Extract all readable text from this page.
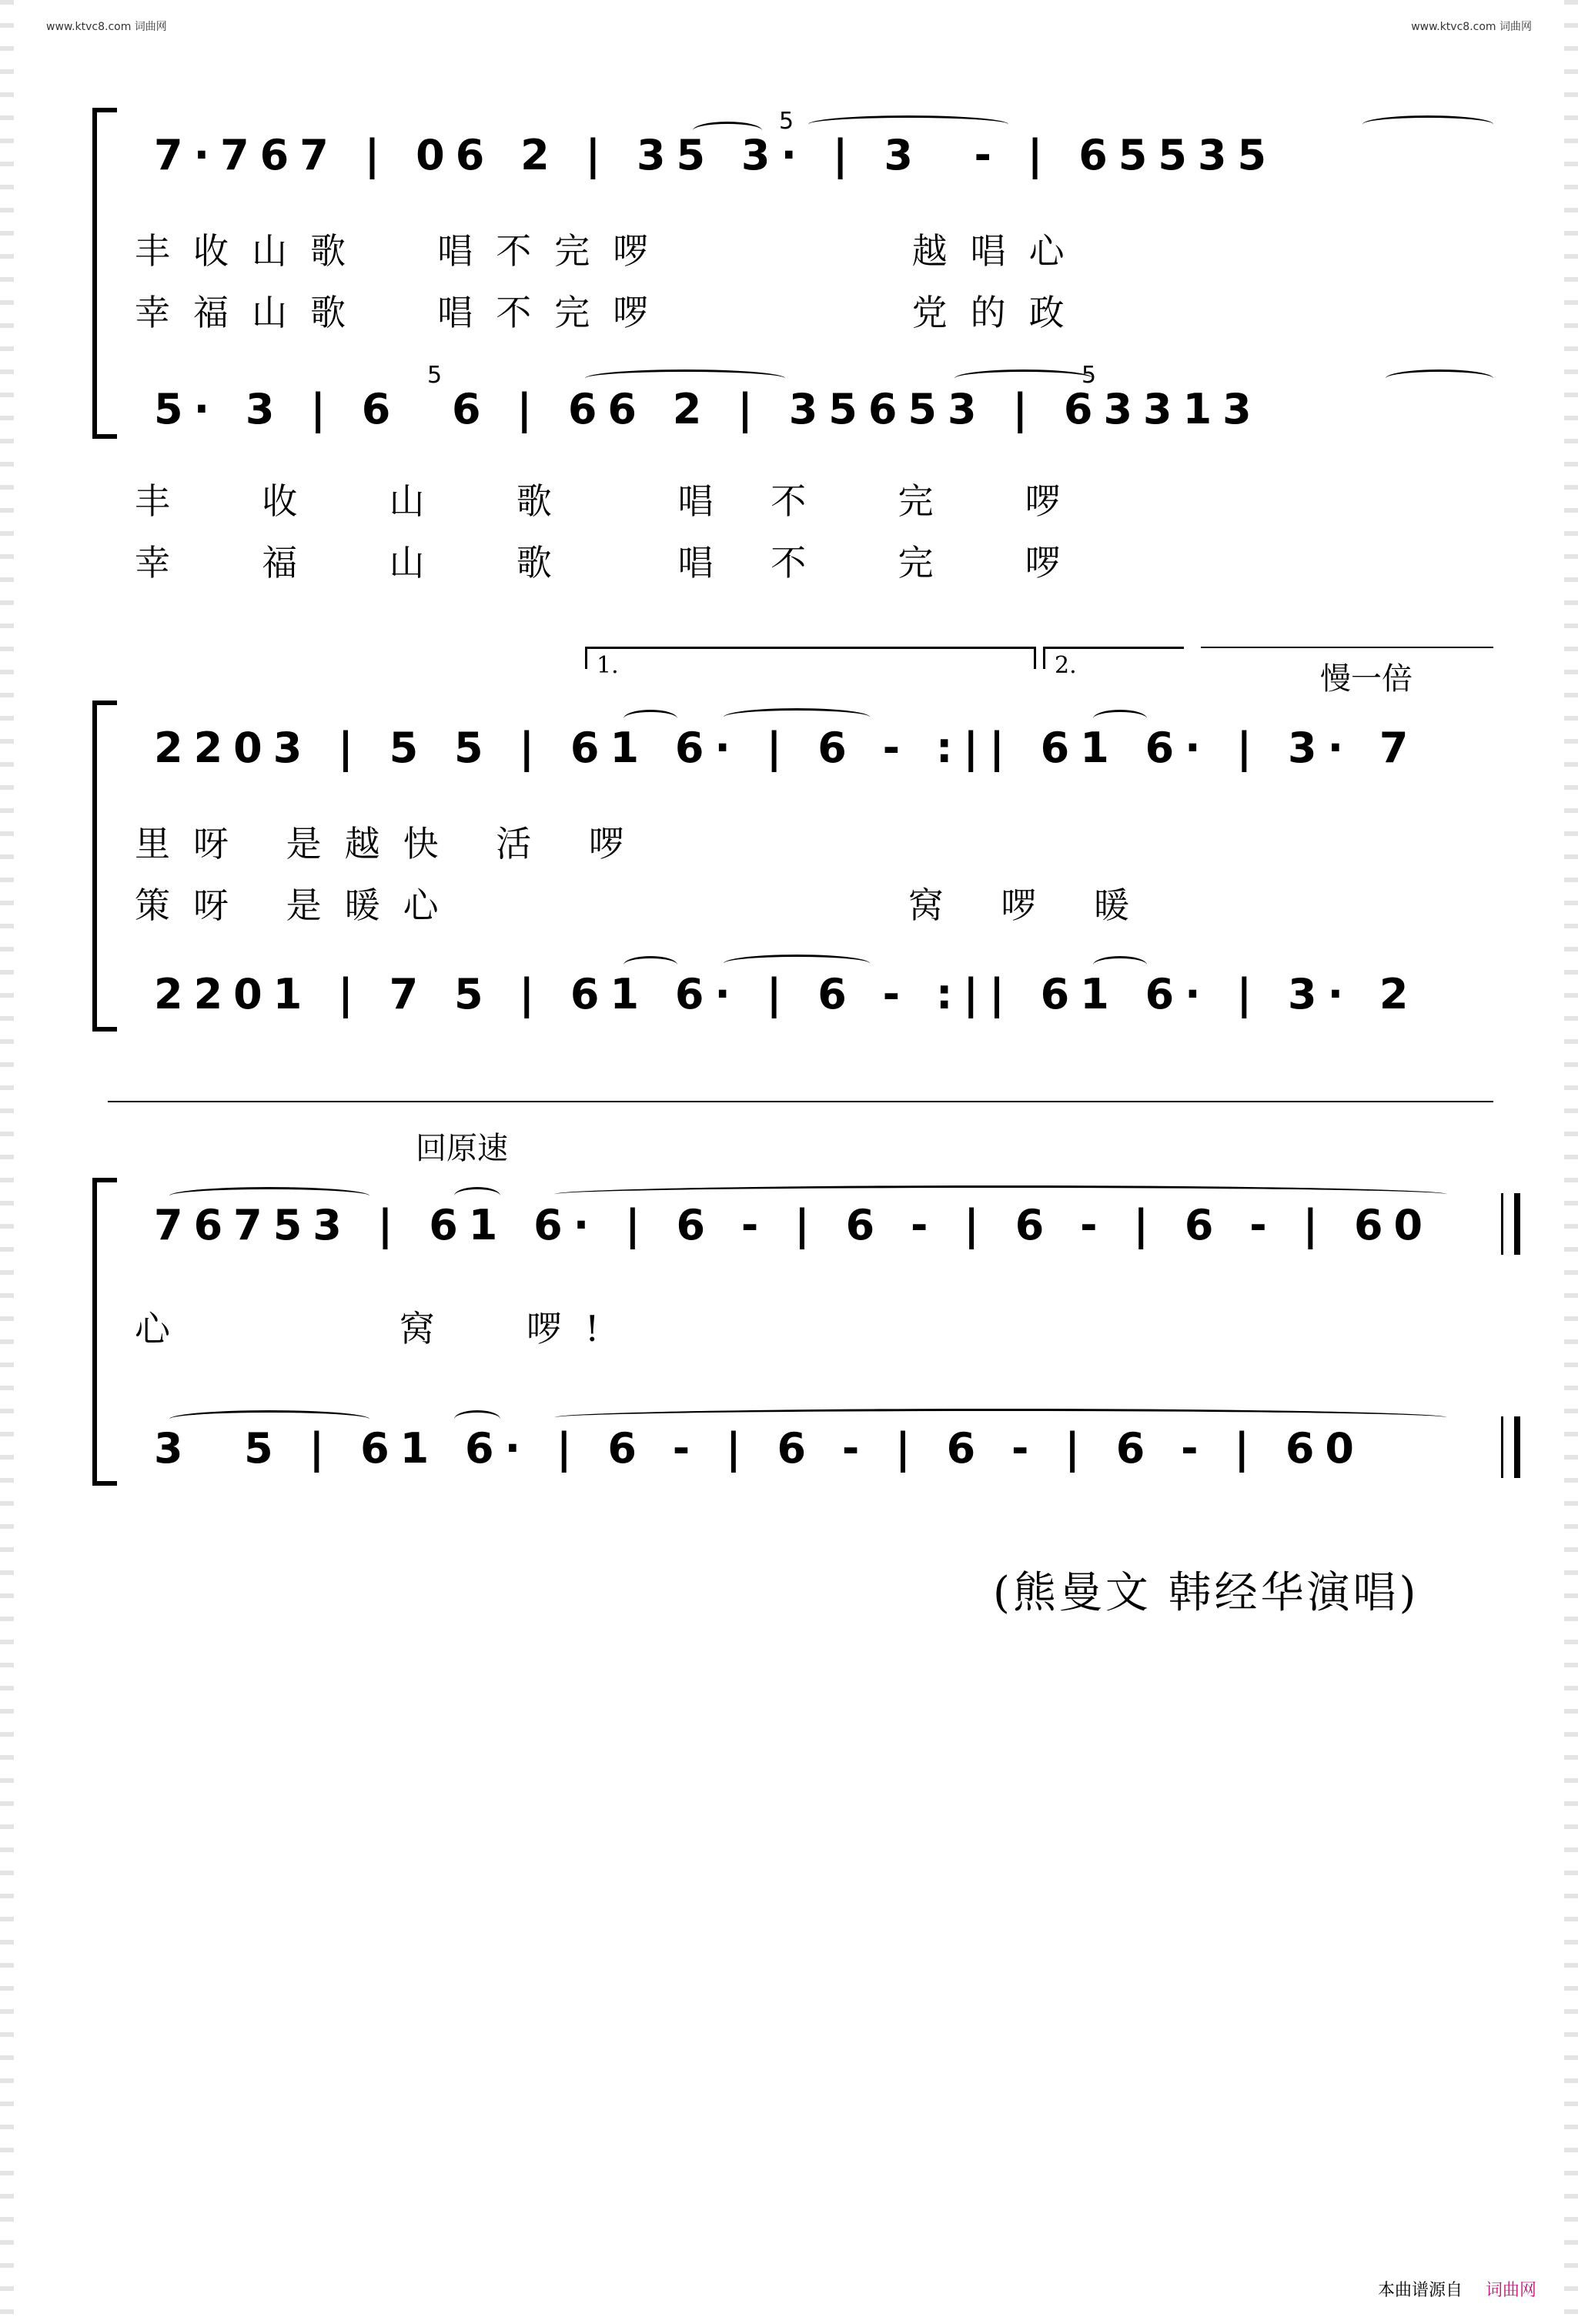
www.ktvc8.com 词曲网	www.ktvc8.com 词曲网
7·767 | 06 2 | 35 3· | 3  - | 65535
5
丰收山歌  唱不完啰       越唱心
幸福山歌  唱不完啰       党的政
5· 3 | 6  6 | 66 2 | 35653 | 63313
5	5
丰  收  山  歌   唱 不  完  啰
幸  福  山  歌   唱 不  完  啰
1.	2.	慢一倍
2203 | 5 5 | 61 6· | 6 - :|| 61 6· | 3· 7
里呀 是越快 活 啰
策呀 是暖心             窝 啰 暖
2201 | 7 5 | 61 6· | 6 - :|| 61 6· | 3· 2
回原速
76753 | 61 6· | 6 - | 6 - | 6 - | 6 - | 60
心      窝  啰!
3  5 | 61 6· | 6 - | 6 - | 6 - | 6 - | 60
(熊曼文 韩经华演唱)
本曲谱源自 词曲网
